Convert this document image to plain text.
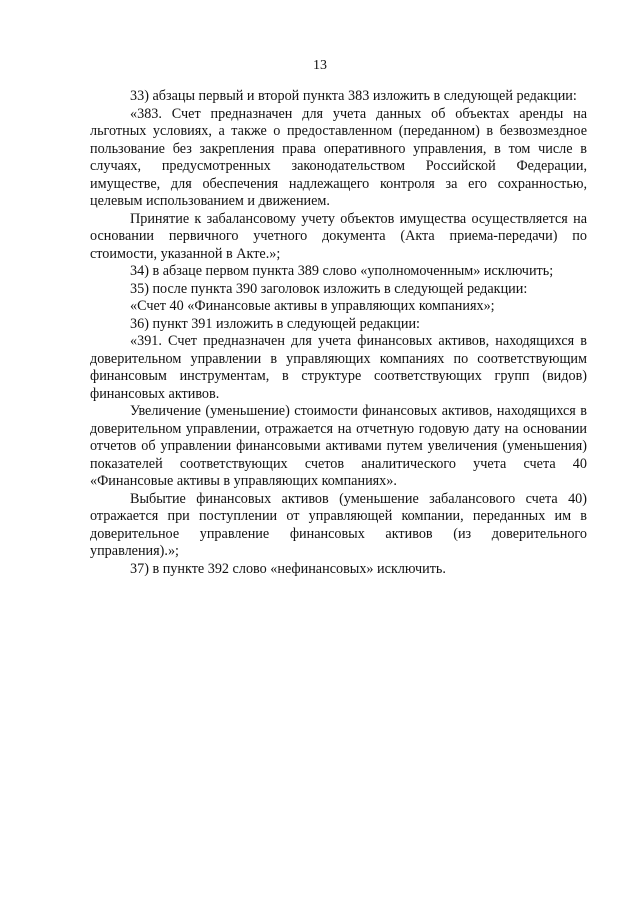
13

33) абзацы первый и второй пункта 383 изложить в следующей редакции:

«383. Счет предназначен для учета данных об объектах аренды на льготных условиях, а также о предоставленном (переданном) в безвозмездное пользование без закрепления права оперативного управления, в том числе в случаях, предусмотренных законодательством Российской Федерации, имуществе, для обеспечения надлежащего контроля за его сохранностью, целевым использованием и движением.

Принятие к забалансовому учету объектов имущества осуществляется на основании первичного учетного документа (Акта приема-передачи) по стоимости, указанной в Акте.»;

34) в абзаце первом пункта 389 слово «уполномоченным» исключить;

35) после пункта 390 заголовок изложить в следующей редакции:

«Счет 40 «Финансовые активы в управляющих компаниях»;

36) пункт 391 изложить в следующей редакции:

«391. Счет предназначен для учета финансовых активов, находящихся в доверительном управлении в управляющих компаниях по соответствующим финансовым инструментам, в структуре соответствующих групп (видов) финансовых активов.

Увеличение (уменьшение) стоимости финансовых активов, находящихся в доверительном управлении, отражается на отчетную годовую дату на основании отчетов об управлении финансовыми активами путем увеличения (уменьшения) показателей соответствующих счетов аналитического учета счета 40 «Финансовые активы в управляющих компаниях».

Выбытие финансовых активов (уменьшение забалансового счета 40) отражается при поступлении от управляющей компании, переданных им в доверительное управление финансовых активов (из доверительного управления).»;

37) в пункте 392 слово «нефинансовых» исключить.
